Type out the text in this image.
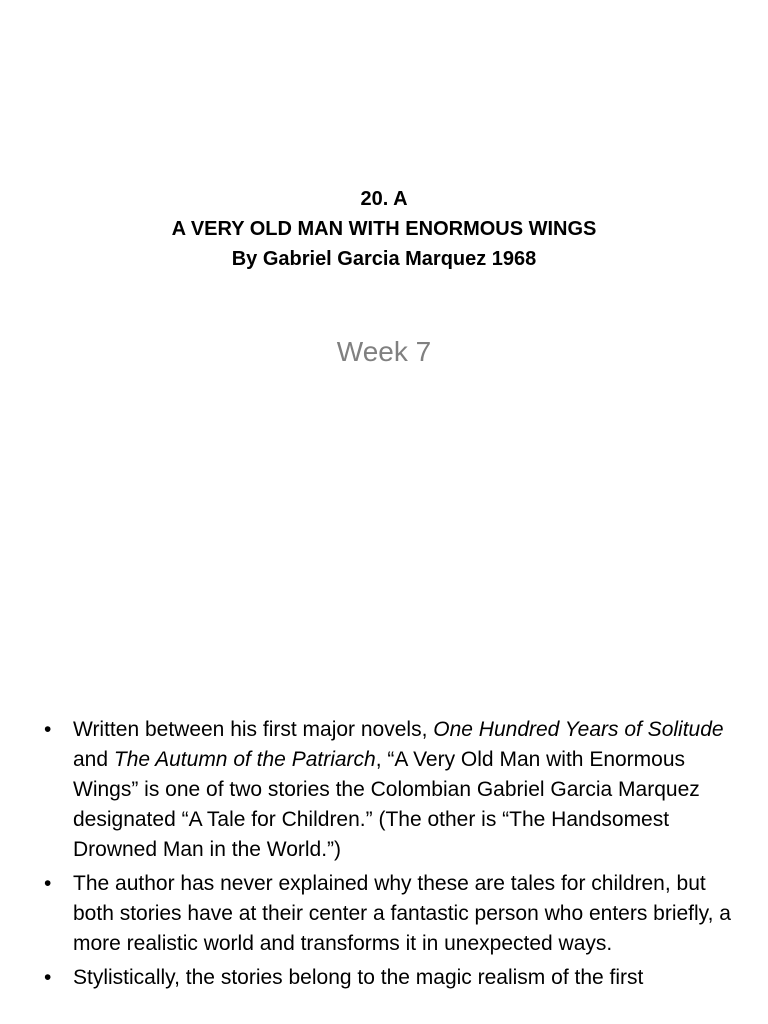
20. A
A VERY OLD MAN WITH ENORMOUS WINGS
By Gabriel Garcia Marquez 1968
Week 7
•	Written between his first major novels, One Hundred Years of Solitude and The Autumn of the Patriarch, “A Very Old Man with Enormous Wings” is one of two stories the Colombian Gabriel Garcia Marquez designated “A Tale for Children.” (The other is “The Handsomest Drowned Man in the World.”)
•	The author has never explained why these are tales for children, but both stories have at their center a fantastic person who enters briefly, a more realistic world and transforms it in unexpected ways.
•	Stylistically, the stories belong to the magic realism of the first
